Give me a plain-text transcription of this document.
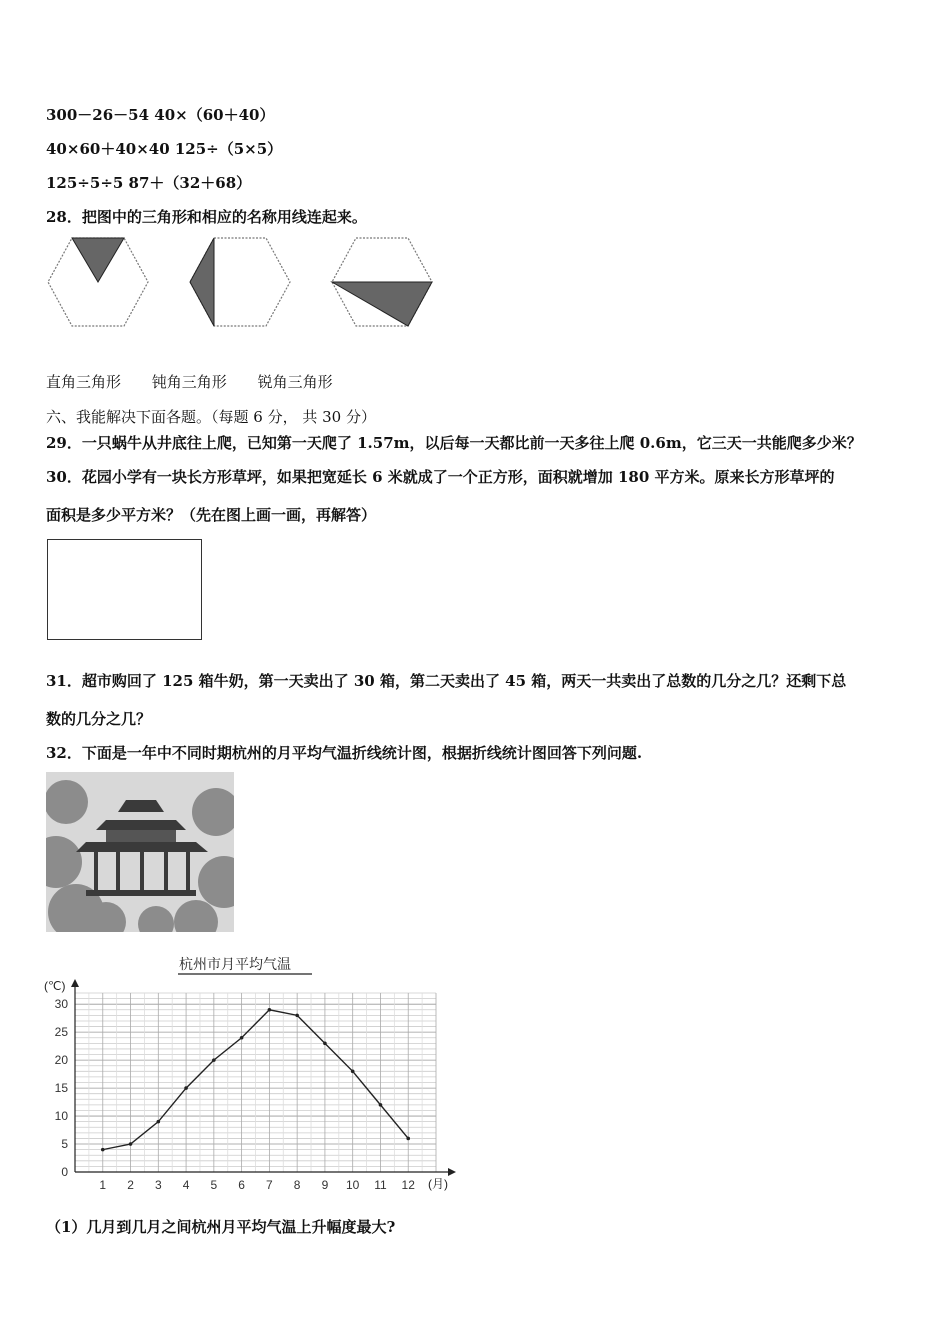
300－26－54 40×（60＋40）
40×60＋40×40 125÷（5×5）
125÷5÷5 87＋（32＋68）
28．把图中的三角形和相应的名称用线连起来。
直角三角形 钝角三角形 锐角三角形
六、我能解决下面各题。（每题 6 分， 共 30 分）
29．一只蜗牛从井底往上爬，已知第一天爬了 1.57m，以后每一天都比前一天多往上爬 0.6m，它三天一共能爬多少米？
30．花园小学有一块长方形草坪，如果把宽延长 6 米就成了一个正方形，面积就增加 180 平方米。原来长方形草坪的
面积是多少平方米？（先在图上画一画，再解答）
31．超市购回了 125 箱牛奶，第一天卖出了 30 箱，第二天卖出了 45 箱，两天一共卖出了总数的几分之几？还剩下总
数的几分之几？
32．下面是一年中不同时期杭州的月平均气温折线统计图，根据折线统计图回答下列问题.
杭州市月平均气温
(℃)
(月)
0
5
10
15
20
25
30
1 2 3 4 5 6 7 8 9 10 11 12
（1）几月到几月之间杭州月平均气温上升幅度最大?
